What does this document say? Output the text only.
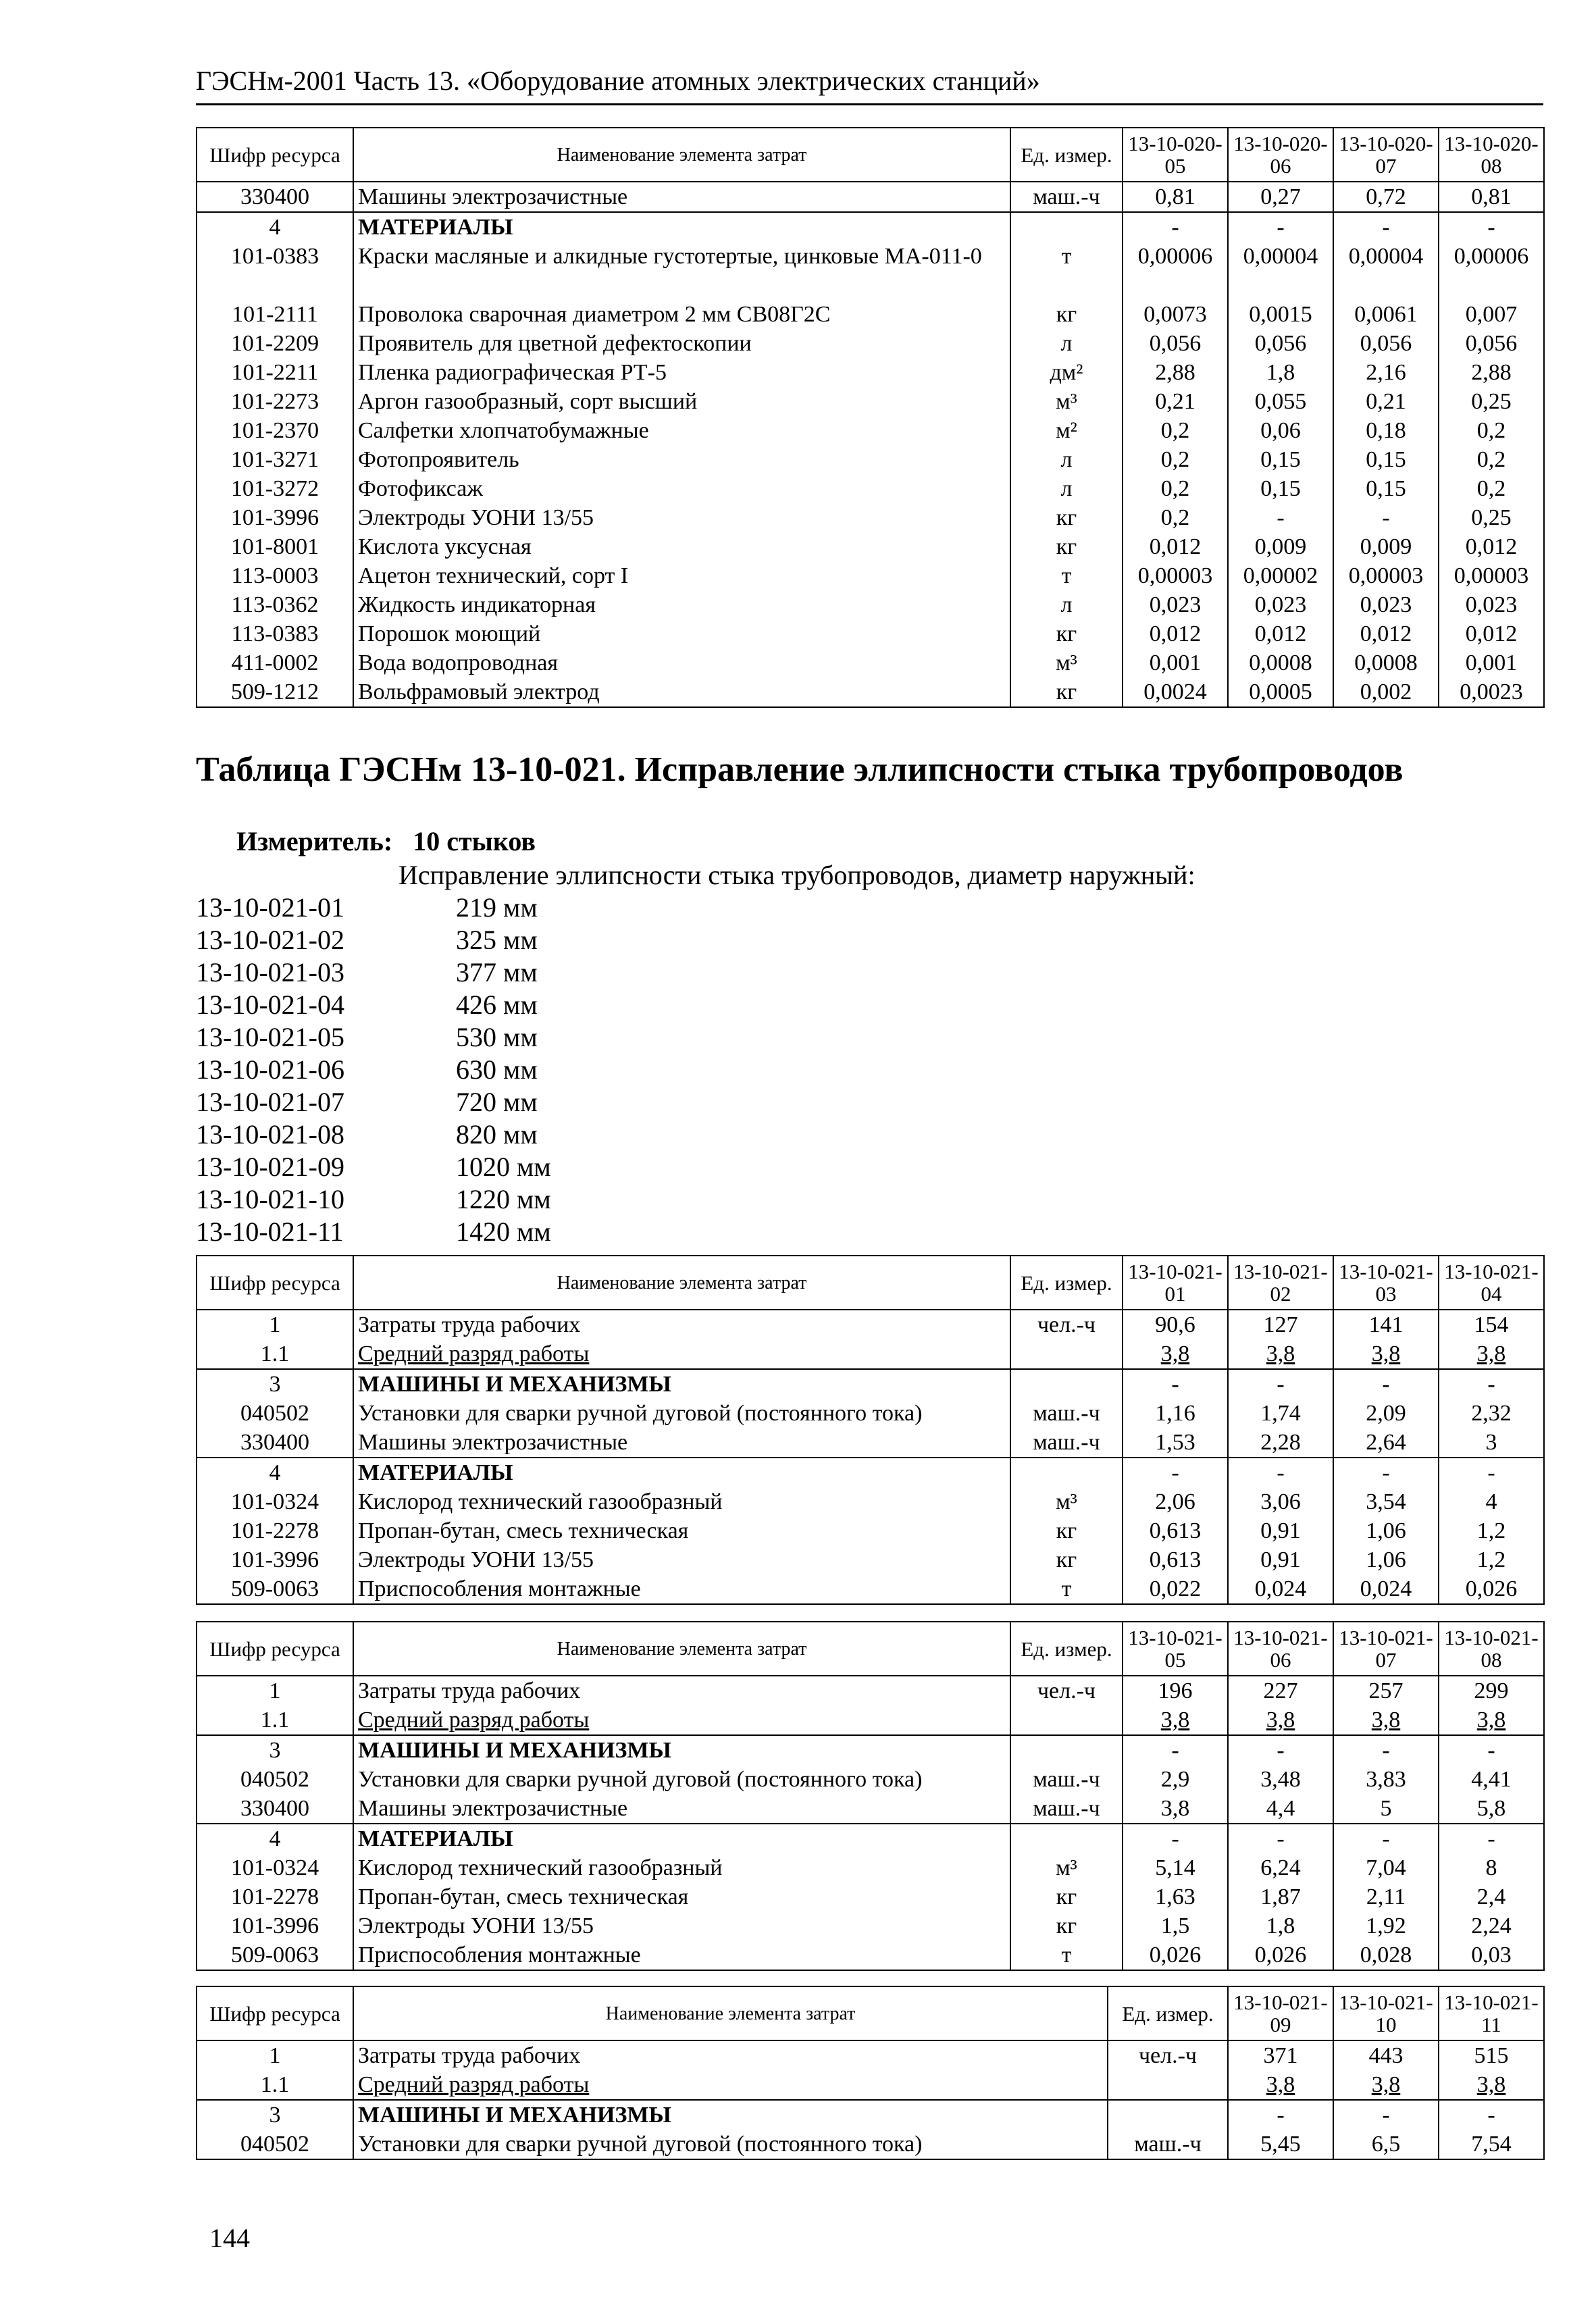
ГЭСНм-2001 Часть 13. «Оборудование атомных электрических станций»
Шифр ресурса	Наименование элемента затрат	Ед. измер.	13-10-020-05	13-10-020-06	13-10-020-07	13-10-020-08
330400	Машины электрозачистные	маш.-ч	0,81	0,27	0,72	0,81
4	МАТЕРИАЛЫ		-	-	-	-
101-0383	Краски масляные и алкидные густотертые, цинковые МА-011-0	т	0,00006	0,00004	0,00004	0,00006
101-2111	Проволока сварочная диаметром 2 мм СВ08Г2С	кг	0,0073	0,0015	0,0061	0,007
101-2209	Проявитель для цветной дефектоскопии	л	0,056	0,056	0,056	0,056
101-2211	Пленка радиографическая РТ-5	дм²	2,88	1,8	2,16	2,88
101-2273	Аргон газообразный, сорт высший	м³	0,21	0,055	0,21	0,25
101-2370	Салфетки хлопчатобумажные	м²	0,2	0,06	0,18	0,2
101-3271	Фотопроявитель	л	0,2	0,15	0,15	0,2
101-3272	Фотофиксаж	л	0,2	0,15	0,15	0,2
101-3996	Электроды УОНИ 13/55	кг	0,2	-	-	0,25
101-8001	Кислота уксусная	кг	0,012	0,009	0,009	0,012
113-0003	Ацетон технический, сорт I	т	0,00003	0,00002	0,00003	0,00003
113-0362	Жидкость индикаторная	л	0,023	0,023	0,023	0,023
113-0383	Порошок моющий	кг	0,012	0,012	0,012	0,012
411-0002	Вода водопроводная	м³	0,001	0,0008	0,0008	0,001
509-1212	Вольфрамовый электрод	кг	0,0024	0,0005	0,002	0,0023
Таблица ГЭСНм 13-10-021. Исправление эллипсности стыка трубопроводов
Измеритель: 10 стыков
Исправление эллипсности стыка трубопроводов, диаметр наружный:
13-10-021-01	219 мм
13-10-021-02	325 мм
13-10-021-03	377 мм
13-10-021-04	426 мм
13-10-021-05	530 мм
13-10-021-06	630 мм
13-10-021-07	720 мм
13-10-021-08	820 мм
13-10-021-09	1020 мм
13-10-021-10	1220 мм
13-10-021-11	1420 мм
Шифр ресурса	Наименование элемента затрат	Ед. измер.	13-10-021-01	13-10-021-02	13-10-021-03	13-10-021-04
1	Затраты труда рабочих	чел.-ч	90,6	127	141	154
1.1	Средний разряд работы		3,8	3,8	3,8	3,8
3	МАШИНЫ И МЕХАНИЗМЫ		-	-	-	-
040502	Установки для сварки ручной дуговой (постоянного тока)	маш.-ч	1,16	1,74	2,09	2,32
330400	Машины электрозачистные	маш.-ч	1,53	2,28	2,64	3
4	МАТЕРИАЛЫ		-	-	-	-
101-0324	Кислород технический газообразный	м³	2,06	3,06	3,54	4
101-2278	Пропан-бутан, смесь техническая	кг	0,613	0,91	1,06	1,2
101-3996	Электроды УОНИ 13/55	кг	0,613	0,91	1,06	1,2
509-0063	Приспособления монтажные	т	0,022	0,024	0,024	0,026
Шифр ресурса	Наименование элемента затрат	Ед. измер.	13-10-021-05	13-10-021-06	13-10-021-07	13-10-021-08
1	Затраты труда рабочих	чел.-ч	196	227	257	299
1.1	Средний разряд работы		3,8	3,8	3,8	3,8
3	МАШИНЫ И МЕХАНИЗМЫ		-	-	-	-
040502	Установки для сварки ручной дуговой (постоянного тока)	маш.-ч	2,9	3,48	3,83	4,41
330400	Машины электрозачистные	маш.-ч	3,8	4,4	5	5,8
4	МАТЕРИАЛЫ		-	-	-	-
101-0324	Кислород технический газообразный	м³	5,14	6,24	7,04	8
101-2278	Пропан-бутан, смесь техническая	кг	1,63	1,87	2,11	2,4
101-3996	Электроды УОНИ 13/55	кг	1,5	1,8	1,92	2,24
509-0063	Приспособления монтажные	т	0,026	0,026	0,028	0,03
Шифр ресурса	Наименование элемента затрат	Ед. измер.	13-10-021-09	13-10-021-10	13-10-021-11
1	Затраты труда рабочих	чел.-ч	371	443	515
1.1	Средний разряд работы		3,8	3,8	3,8
3	МАШИНЫ И МЕХАНИЗМЫ		-	-	-
040502	Установки для сварки ручной дуговой (постоянного тока)	маш.-ч	5,45	6,5	7,54
144
